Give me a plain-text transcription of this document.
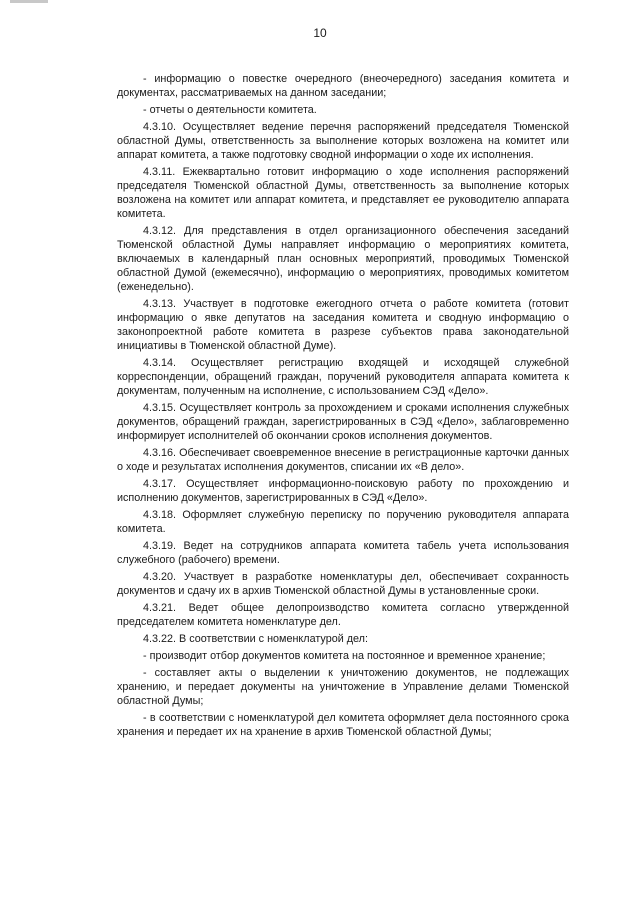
10

- информацию о повестке очередного (внеочередного) заседания комитета и документах, рассматриваемых на данном заседании;

- отчеты о деятельности комитета.

4.3.10. Осуществляет ведение перечня распоряжений председателя Тюменской областной Думы, ответственность за выполнение которых возложена на комитет или аппарат комитета, а также подготовку сводной информации о ходе их исполнения.

4.3.11. Ежеквартально готовит информацию о ходе исполнения распоряжений председателя Тюменской областной Думы, ответственность за выполнение которых возложена на комитет или аппарат комитета, и представляет ее руководителю аппарата комитета.

4.3.12. Для представления в отдел организационного обеспечения заседаний Тюменской областной Думы направляет информацию о мероприятиях комитета, включаемых в календарный план основных мероприятий, проводимых Тюменской областной Думой (ежемесячно), информацию о мероприятиях, проводимых комитетом (еженедельно).

4.3.13. Участвует в подготовке ежегодного отчета о работе комитета (готовит информацию о явке депутатов на заседания комитета и сводную информацию о законопроектной работе комитета в разрезе субъектов права законодательной инициативы в Тюменской областной Думе).

4.3.14. Осуществляет регистрацию входящей и исходящей служебной корреспонденции, обращений граждан, поручений руководителя аппарата комитета к документам, полученным на исполнение, с использованием СЭД «Дело».

4.3.15. Осуществляет контроль за прохождением и сроками исполнения служебных документов, обращений граждан, зарегистрированных в СЭД «Дело», заблаговременно информирует исполнителей об окончании сроков исполнения документов.

4.3.16. Обеспечивает своевременное внесение в регистрационные карточки данных о ходе и результатах исполнения документов, списании их «В дело».

4.3.17. Осуществляет информационно-поисковую работу по прохождению и исполнению документов, зарегистрированных в СЭД «Дело».

4.3.18. Оформляет служебную переписку по поручению руководителя аппарата комитета.

4.3.19. Ведет на сотрудников аппарата комитета табель учета использования служебного (рабочего) времени.

4.3.20. Участвует в разработке номенклатуры дел, обеспечивает сохранность документов и сдачу их в архив Тюменской областной Думы в установленные сроки.

4.3.21. Ведет общее делопроизводство комитета согласно утвержденной председателем комитета номенклатуре дел.

4.3.22. В соответствии с номенклатурой дел:

- производит отбор документов комитета на постоянное и временное хранение;

- составляет акты о выделении к уничтожению документов, не подлежащих хранению, и передает документы на уничтожение в Управление делами Тюменской областной Думы;

- в соответствии с номенклатурой дел комитета оформляет дела постоянного срока хранения и передает их на хранение в архив Тюменской областной Думы;
